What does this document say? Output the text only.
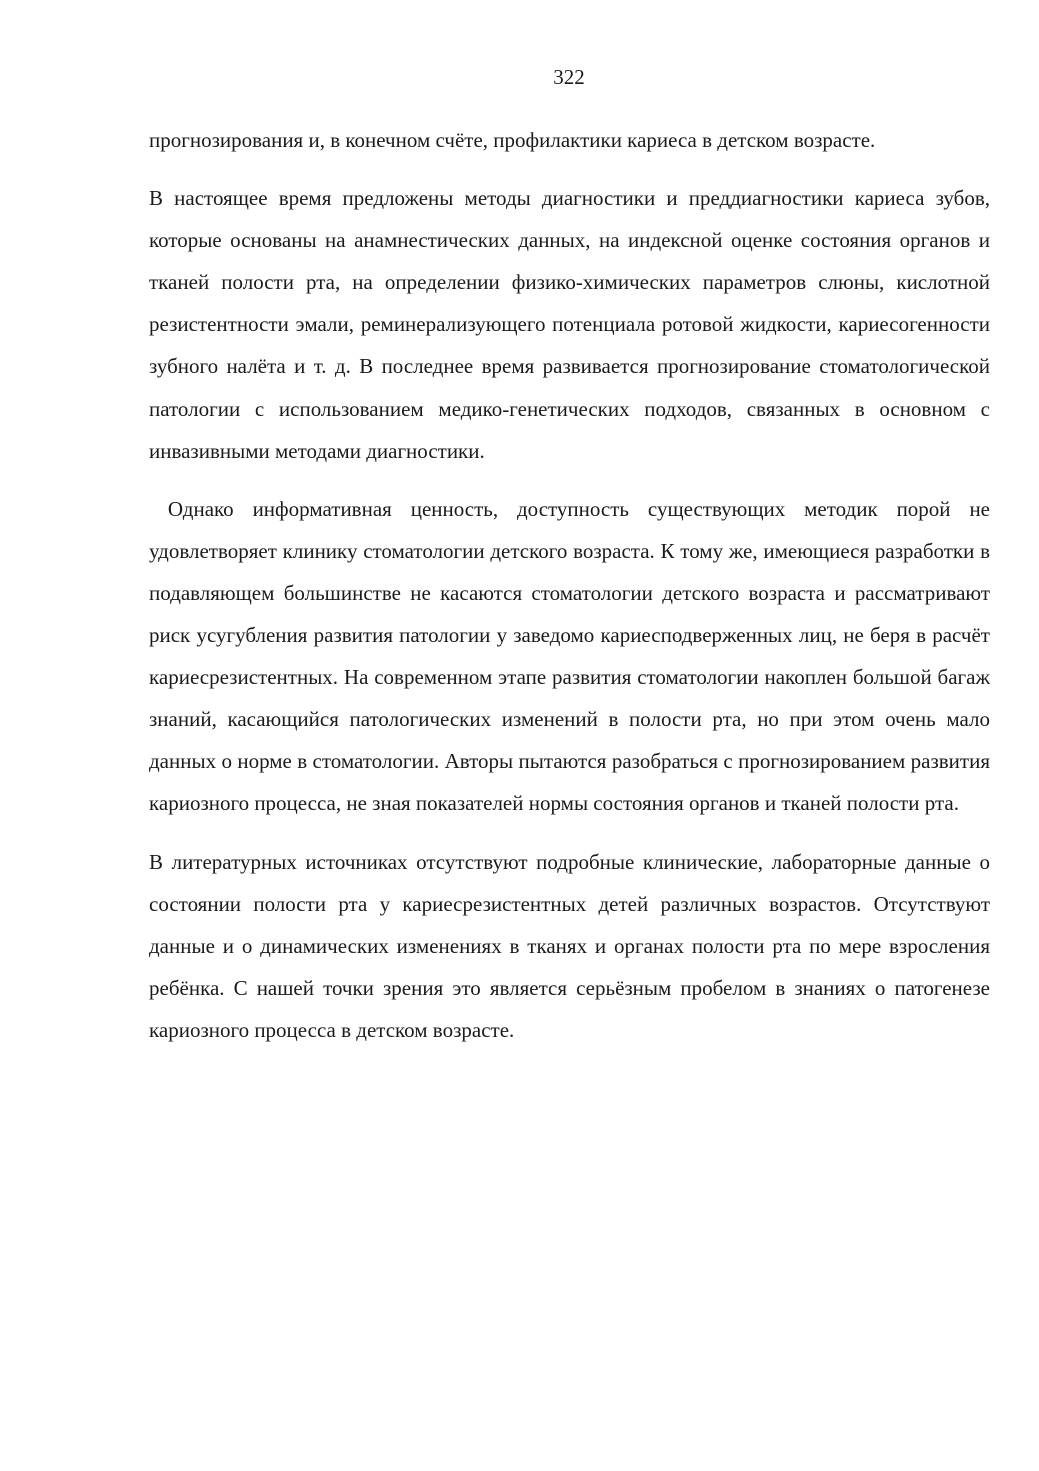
322

прогнозирования и, в конечном счёте, профилактики кариеса в детском возрасте.

В настоящее время предложены методы диагностики и преддиагностики кариеса зубов, которые основаны на анамнестических данных, на индексной оценке состояния органов и тканей полости рта, на определении физико-химических параметров слюны, кислотной резистентности эмали, реминерализующего потенциала ротовой жидкости, кариесогенности зубного налёта и т. д. В последнее время развивается прогнозирование стоматологической патологии с использованием медико-генетических подходов, связанных в основном с инвазивными методами диагностики.

Однако информативная ценность, доступность существующих методик порой не удовлетворяет клинику стоматологии детского возраста. К тому же, имеющиеся разработки в подавляющем большинстве не касаются стоматологии детского возраста и рассматривают риск усугубления развития патологии у заведомо кариесподверженных лиц, не беря в расчёт кариесрезистентных. На современном этапе развития стоматологии накоплен большой багаж знаний, касающийся патологических изменений в полости рта, но при этом очень мало данных о норме в стоматологии. Авторы пытаются разобраться с прогнозированием развития кариозного процесса, не зная показателей нормы состояния органов и тканей полости рта.

В литературных источниках отсутствуют подробные клинические, лабораторные данные о состоянии полости рта у кариесрезистентных детей различных возрастов. Отсутствуют данные и о динамических изменениях в тканях и органах полости рта по мере взросления ребёнка. С нашей точки зрения это является серьёзным пробелом в знаниях о патогенезе кариозного процесса в детском возрасте.
